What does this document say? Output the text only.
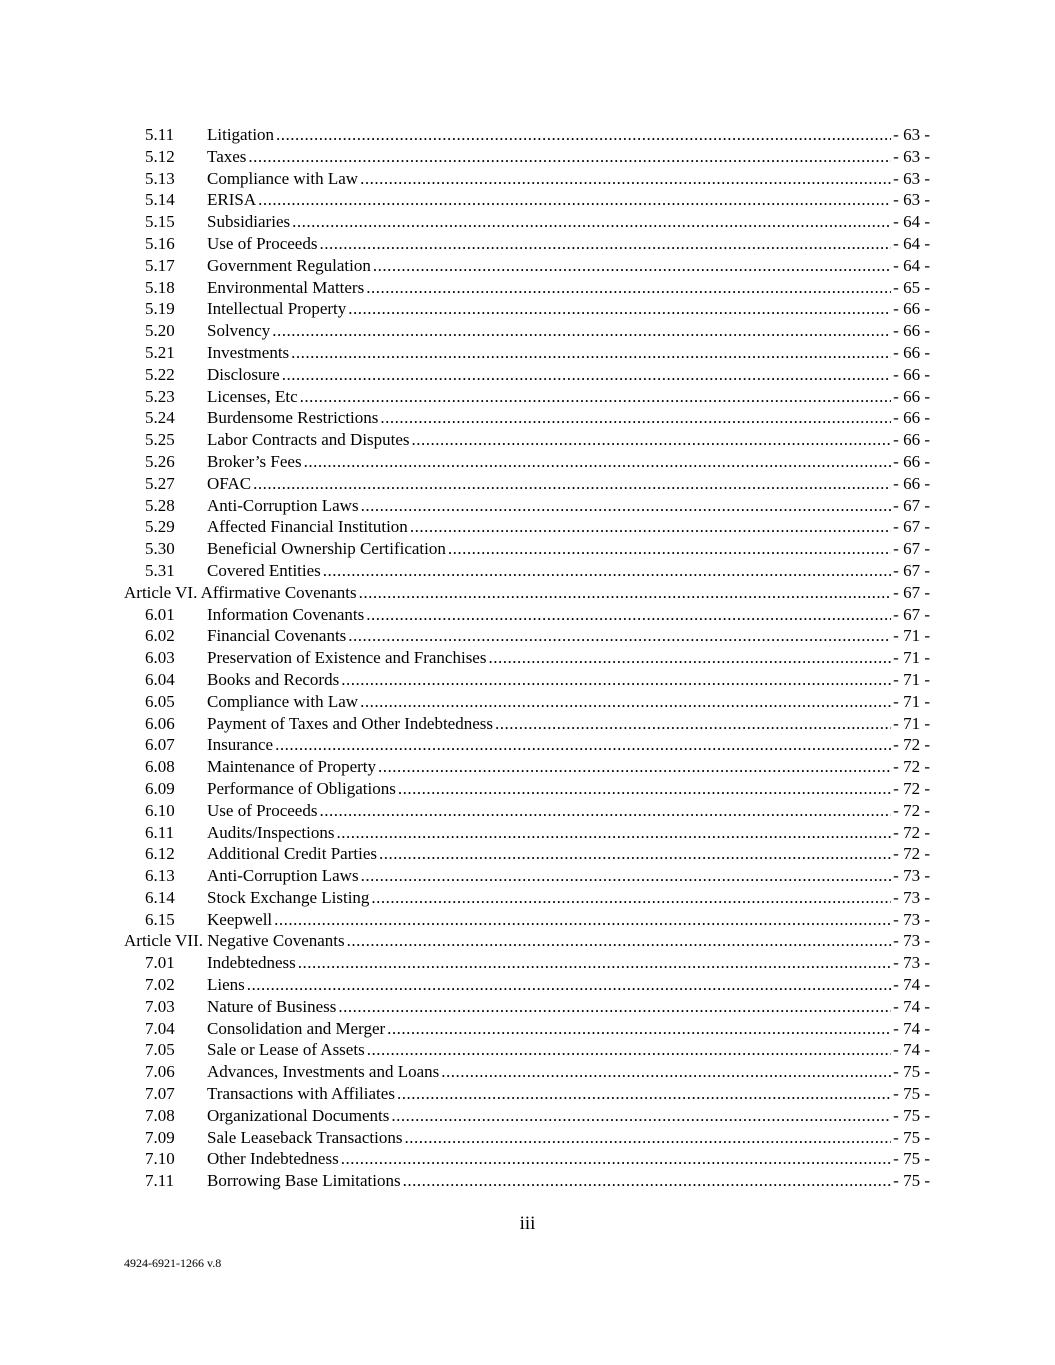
5.11	Litigation .....	- 63 -
5.12	Taxes .....	- 63 -
5.13	Compliance with Law .....	- 63 -
5.14	ERISA .....	- 63 -
5.15	Subsidiaries .....	- 64 -
5.16	Use of Proceeds .....	- 64 -
5.17	Government Regulation .....	- 64 -
5.18	Environmental Matters .....	- 65 -
5.19	Intellectual Property .....	- 66 -
5.20	Solvency .....	- 66 -
5.21	Investments .....	- 66 -
5.22	Disclosure .....	- 66 -
5.23	Licenses, Etc .....	- 66 -
5.24	Burdensome Restrictions .....	- 66 -
5.25	Labor Contracts and Disputes .....	- 66 -
5.26	Broker’s Fees .....	- 66 -
5.27	OFAC .....	- 66 -
5.28	Anti-Corruption Laws .....	- 67 -
5.29	Affected Financial Institution .....	- 67 -
5.30	Beneficial Ownership Certification .....	- 67 -
5.31	Covered Entities .....	- 67 -
Article VI. Affirmative Covenants .....	- 67 -
6.01	Information Covenants .....	- 67 -
6.02	Financial Covenants .....	- 71 -
6.03	Preservation of Existence and Franchises .....	- 71 -
6.04	Books and Records .....	- 71 -
6.05	Compliance with Law .....	- 71 -
6.06	Payment of Taxes and Other Indebtedness .....	- 71 -
6.07	Insurance .....	- 72 -
6.08	Maintenance of Property .....	- 72 -
6.09	Performance of Obligations .....	- 72 -
6.10	Use of Proceeds .....	- 72 -
6.11	Audits/Inspections .....	- 72 -
6.12	Additional Credit Parties .....	- 72 -
6.13	Anti-Corruption Laws .....	- 73 -
6.14	Stock Exchange Listing .....	- 73 -
6.15	Keepwell .....	- 73 -
Article VII. Negative Covenants .....	- 73 -
7.01	Indebtedness .....	- 73 -
7.02	Liens .....	- 74 -
7.03	Nature of Business .....	- 74 -
7.04	Consolidation and Merger .....	- 74 -
7.05	Sale or Lease of Assets .....	- 74 -
7.06	Advances, Investments and Loans .....	- 75 -
7.07	Transactions with Affiliates .....	- 75 -
7.08	Organizational Documents .....	- 75 -
7.09	Sale Leaseback Transactions .....	- 75 -
7.10	Other Indebtedness .....	- 75 -
7.11	Borrowing Base Limitations .....	- 75 -
iii
4924-6921-1266 v.8
